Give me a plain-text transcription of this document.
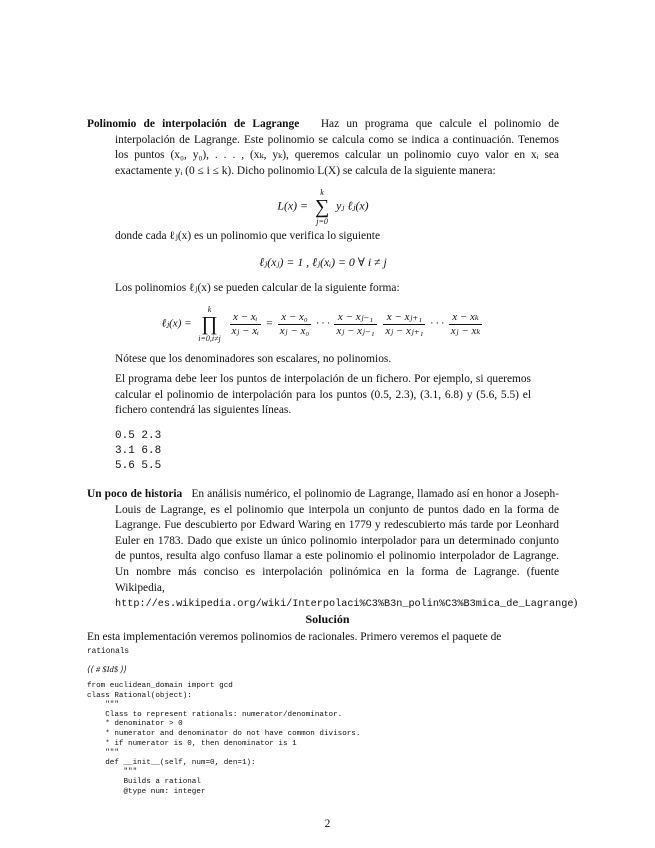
Polinomio de interpolación de Lagrange Haz un programa que calcule el polinomio de interpolación de Lagrange. Este polinomio se calcula como se indica a continuación. Tenemos los puntos (x₀, y₀), . . . , (xₖ, yₖ), queremos calcular un polinomio cuyo valor en xᵢ sea exactamente yᵢ (0 ≤ i ≤ k). Dicho polinomio L(X) se calcula de la siguiente manera:
L(x) =
k
∑
j=0
yⱼ ℓⱼ(x)
donde cada ℓⱼ(x) es un polinomio que verifica lo siguiente
ℓⱼ(xⱼ) = 1 , ℓⱼ(xᵢ) = 0 ∀ i ≠ j
Los polinomios ℓⱼ(x) se pueden calcular de la siguiente forma:
ℓⱼ(x) =
k
∏
i=0,i≠j

$\frac{\text{x − xᵢ}}{\text{xⱼ − xᵢ}} = \frac{\text{x − x₀}}{\text{xⱼ − x₀}}$ · · · $\frac{\text{x − xⱼ₋₁}}{\text{xⱼ − xⱼ₋₁}}$
$\frac{\text{x − xⱼ₊₁}}{\text{xⱼ − xⱼ₊₁}}$ · · · $\frac{\text{x − xₖ}}{\text{xⱼ − xₖ}}$
Nótese que los denominadores son escalares, no polinomios.
El programa debe leer los puntos de interpolación de un fichero. Por ejemplo, si queremos calcular el polinomio de interpolación para los puntos (0.5, 2.3), (3.1, 6.8) y (5.6, 5.5) el fichero contendrá las siguientes líneas.
0.5 2.3
3.1 6.8
5.6 5.5
Un poco de historia En análisis numérico, el polinomio de Lagrange, llamado así en honor a Joseph-Louis de Lagrange, es el polinomio que interpola un conjunto de puntos dado en la forma de Lagrange. Fue descubierto por Edward Waring en 1779 y redescubierto más tarde por Leonhard Euler en 1783. Dado que existe un único polinomio interpolador para un determinado conjunto de puntos, resulta algo confuso llamar a este polinomio el polinomio interpolador de Lagrange. Un nombre más conciso es interpolación polinómica en la forma de Lagrange. (fuente Wikipedia, http://es.wikipedia.org/wiki/Interpolaci%C3%B3n_polin%C3%B3mica_de_Lagrange)
Solución
En esta implementación veremos polinomios de racionales. Primero veremos el paquete de
rationals
⟨⟨ # $Id$ ⟩⟩
from euclidean_domain import gcd
class Rational(object):
"""
Class to represent rationals: numerator/denominator.
* denominator > 0
* numerator and denominator do not have common divisors.
* if numerator is 0, then denominator is 1
"""
def __init__(self, num=0, den=1):
"""
Builds a rational
@type num: integer
2
